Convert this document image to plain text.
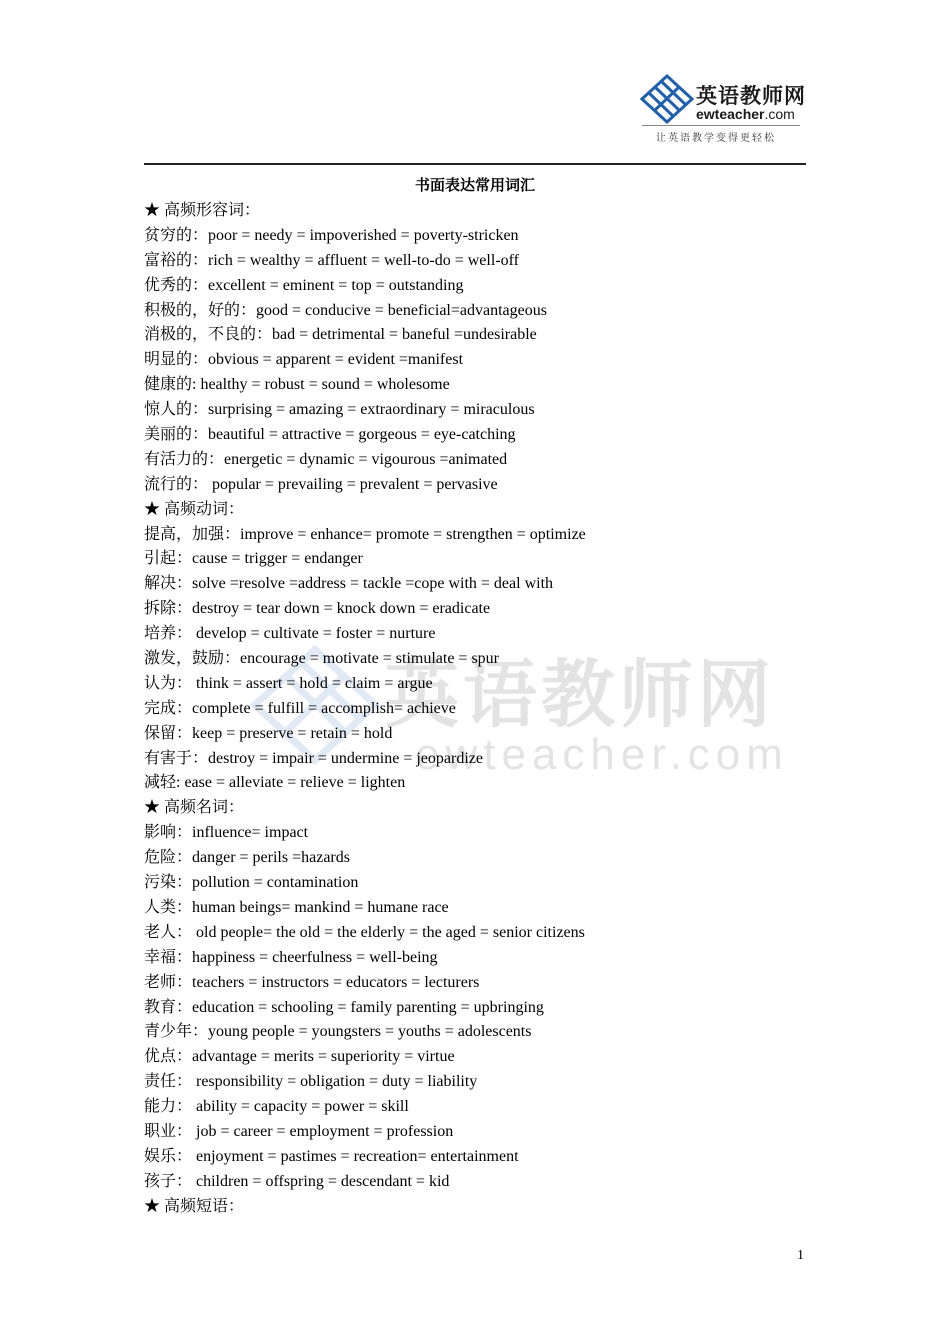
英语教师网
ewteacher.com
让英语教学变得更轻松
英语教师网
ewteacher.com
书面表达常用词汇
★ 高频形容词：
贫穷的：poor = needy = impoverished = poverty-stricken
富裕的：rich = wealthy = affluent = well-to-do = well-off
优秀的：excellent = eminent = top = outstanding
积极的，好的：good = conducive = beneficial=advantageous
消极的，不良的：bad = detrimental = baneful =undesirable
明显的：obvious = apparent = evident =manifest
健康的: healthy = robust = sound = wholesome
惊人的：surprising = amazing = extraordinary = miraculous
美丽的：beautiful = attractive = gorgeous = eye-catching
有活力的：energetic = dynamic = vigourous =animated
流行的： popular = prevailing = prevalent = pervasive
★ 高频动词：
提高，加强：improve = enhance= promote = strengthen = optimize
引起：cause = trigger = endanger
解决：solve =resolve =address = tackle =cope with = deal with
拆除：destroy = tear down = knock down = eradicate
培养： develop = cultivate = foster = nurture
激发，鼓励：encourage = motivate = stimulate = spur
认为： think = assert = hold = claim = argue
完成：complete = fulfill = accomplish= achieve
保留：keep = preserve = retain = hold
有害于：destroy = impair = undermine = jeopardize
减轻: ease = alleviate = relieve = lighten
★ 高频名词：
影响：influence= impact
危险：danger = perils =hazards
污染：pollution = contamination
人类：human beings= mankind = humane race
老人： old people= the old = the elderly = the aged = senior citizens
幸福：happiness = cheerfulness = well-being
老师：teachers = instructors = educators = lecturers
教育：education = schooling = family parenting = upbringing
青少年：young people = youngsters = youths = adolescents
优点：advantage = merits = superiority = virtue
责任： responsibility = obligation = duty = liability
能力： ability = capacity = power = skill
职业： job = career = employment = profession
娱乐： enjoyment = pastimes = recreation= entertainment
孩子： children = offspring = descendant = kid
★ 高频短语：
1
